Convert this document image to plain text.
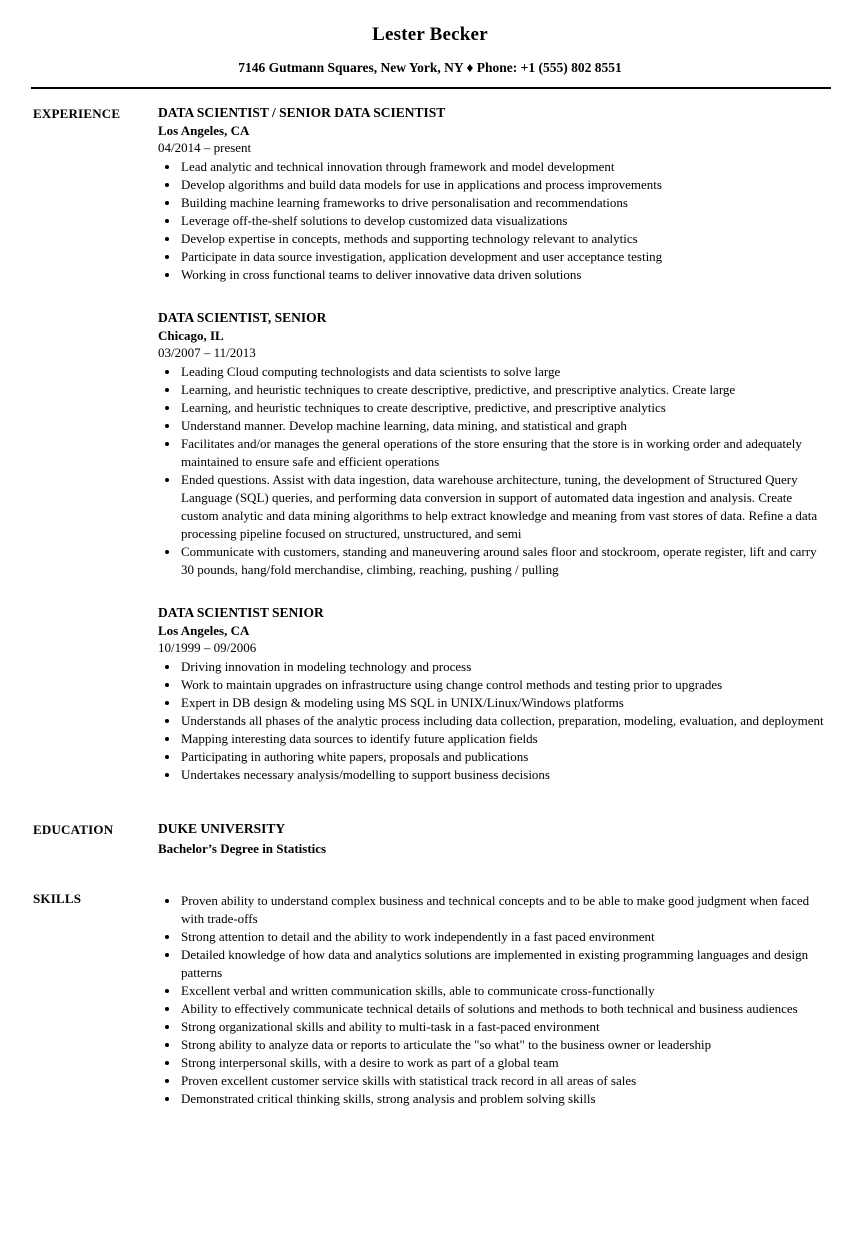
Lester Becker
7146 Gutmann Squares, New York, NY ♦ Phone: +1 (555) 802 8551
EXPERIENCE	DATA SCIENTIST / SENIOR DATA SCIENTIST
Los Angeles, CA
04/2014 – present
• Lead analytic and technical innovation through framework and model development
• Develop algorithms and build data models for use in applications and process improvements
• Building machine learning frameworks to drive personalisation and recommendations
• Leverage off-the-shelf solutions to develop customized data visualizations
• Develop expertise in concepts, methods and supporting technology relevant to analytics
• Participate in data source investigation, application development and user acceptance testing
• Working in cross functional teams to deliver innovative data driven solutions
DATA SCIENTIST, SENIOR
Chicago, IL
03/2007 – 11/2013
• Leading Cloud computing technologists and data scientists to solve large
• Learning, and heuristic techniques to create descriptive, predictive, and prescriptive analytics. Create large
• Learning, and heuristic techniques to create descriptive, predictive, and prescriptive analytics
• Understand manner. Develop machine learning, data mining, and statistical and graph
• Facilitates and/or manages the general operations of the store ensuring that the store is in working order and adequately maintained to ensure safe and efficient operations
• Ended questions. Assist with data ingestion, data warehouse architecture, tuning, the development of Structured Query Language (SQL) queries, and performing data conversion in support of automated data ingestion and analysis. Create custom analytic and data mining algorithms to help extract knowledge and meaning from vast stores of data. Refine a data processing pipeline focused on structured, unstructured, and semi
• Communicate with customers, standing and maneuvering around sales floor and stockroom, operate register, lift and carry 30 pounds, hang/fold merchandise, climbing, reaching, pushing / pulling
DATA SCIENTIST SENIOR
Los Angeles, CA
10/1999 – 09/2006
• Driving innovation in modeling technology and process
• Work to maintain upgrades on infrastructure using change control methods and testing prior to upgrades
• Expert in DB design & modeling using MS SQL in UNIX/Linux/Windows platforms
• Understands all phases of the analytic process including data collection, preparation, modeling, evaluation, and deployment
• Mapping interesting data sources to identify future application fields
• Participating in authoring white papers, proposals and publications
• Undertakes necessary analysis/modelling to support business decisions
EDUCATION	DUKE UNIVERSITY
Bachelor’s Degree in Statistics
SKILLS	• Proven ability to understand complex business and technical concepts and to be able to make good judgment when faced with trade-offs
• Strong attention to detail and the ability to work independently in a fast paced environment
• Detailed knowledge of how data and analytics solutions are implemented in existing programming languages and design patterns
• Excellent verbal and written communication skills, able to communicate cross-functionally
• Ability to effectively communicate technical details of solutions and methods to both technical and business audiences
• Strong organizational skills and ability to multi-task in a fast-paced environment
• Strong ability to analyze data or reports to articulate the "so what" to the business owner or leadership
• Strong interpersonal skills, with a desire to work as part of a global team
• Proven excellent customer service skills with statistical track record in all areas of sales
• Demonstrated critical thinking skills, strong analysis and problem solving skills
